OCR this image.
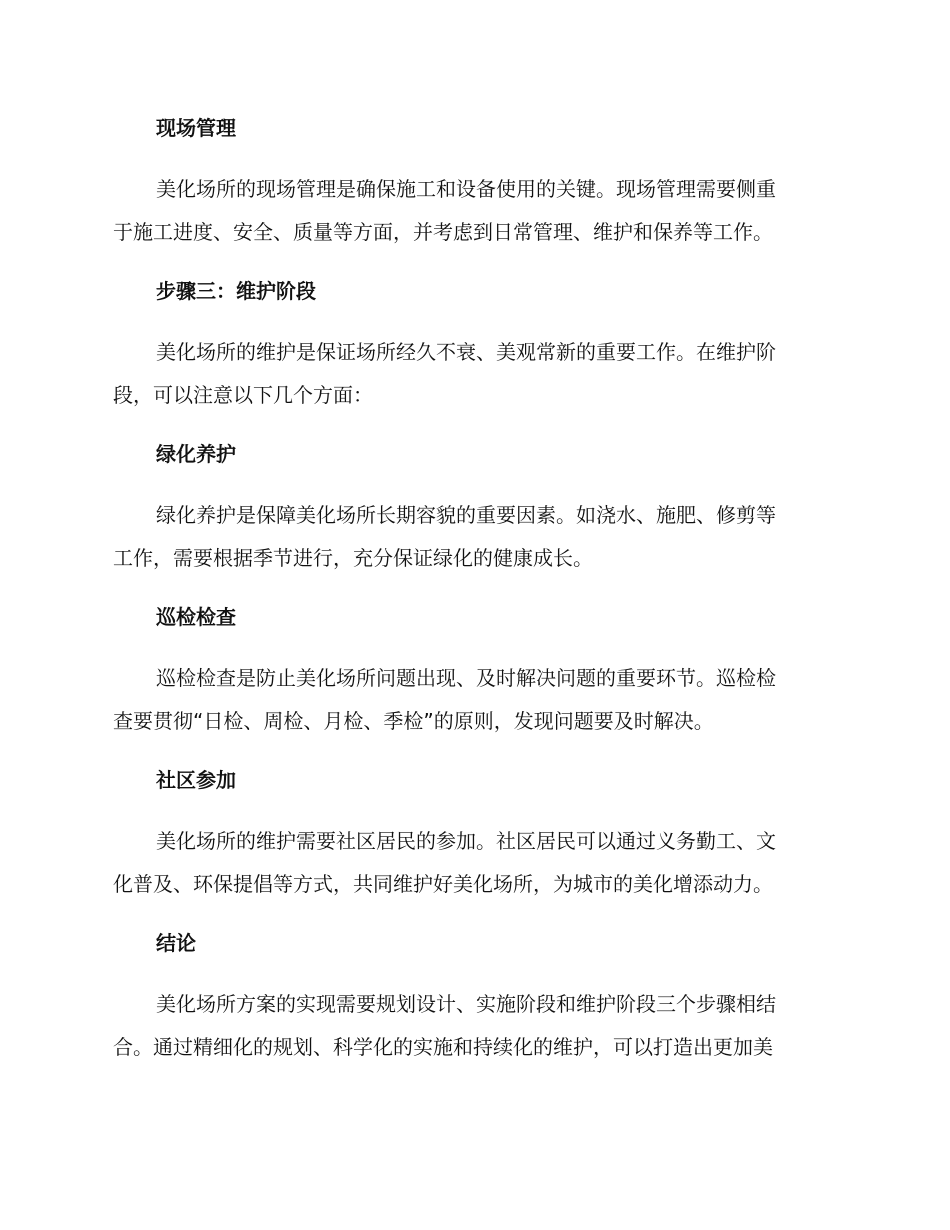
现场管理
美化场所的现场管理是确保施工和设备使用的关键。现场管理需要侧重
于施工进度、安全、质量等方面，并考虑到日常管理、维护和保养等工作。
步骤三：维护阶段
美化场所的维护是保证场所经久不衰、美观常新的重要工作。在维护阶
段，可以注意以下几个方面：
绿化养护
绿化养护是保障美化场所长期容貌的重要因素。如浇水、施肥、修剪等
工作，需要根据季节进行，充分保证绿化的健康成长。
巡检检查
巡检检查是防止美化场所问题出现、及时解决问题的重要环节。巡检检
查要贯彻“日检、周检、月检、季检”的原则，发现问题要及时解决。
社区参加
美化场所的维护需要社区居民的参加。社区居民可以通过义务勤工、文
化普及、环保提倡等方式，共同维护好美化场所，为城市的美化增添动力。
结论
美化场所方案的实现需要规划设计、实施阶段和维护阶段三个步骤相结
合。通过精细化的规划、科学化的实施和持续化的维护，可以打造出更加美
